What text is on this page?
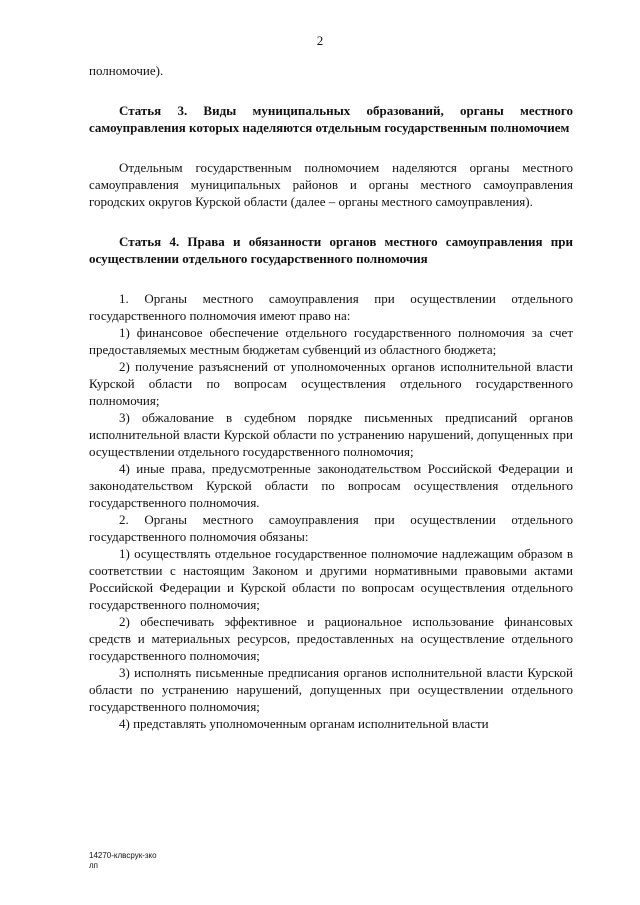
2

полномочие).

Статья 3. Виды муниципальных образований, органы местного самоуправления которых наделяются отдельным государственным полномочием

Отдельным государственным полномочием наделяются органы местного самоуправления муниципальных районов и органы местного самоуправления городских округов Курской области (далее – органы местного самоуправления).

Статья 4. Права и обязанности органов местного самоуправления при осуществлении отдельного государственного полномочия

1. Органы местного самоуправления при осуществлении отдельного государственного полномочия имеют право на:

1) финансовое обеспечение отдельного государственного полномочия за счет предоставляемых местным бюджетам субвенций из областного бюджета;

2) получение разъяснений от уполномоченных органов исполнительной власти Курской области по вопросам осуществления отдельного государственного полномочия;

3) обжалование в судебном порядке письменных предписаний органов исполнительной власти Курской области по устранению нарушений, допущенных при осуществлении отдельного государственного полномочия;

4) иные права, предусмотренные законодательством Российской Федерации и законодательством Курской области по вопросам осуществления отдельного государственного полномочия.

2. Органы местного самоуправления при осуществлении отдельного государственного полномочия обязаны:

1) осуществлять отдельное государственное полномочие надлежащим образом в соответствии с настоящим Законом и другими нормативными правовыми актами Российской Федерации и Курской области по вопросам осуществления отдельного государственного полномочия;

2) обеспечивать эффективное и рациональное использование финансовых средств и материальных ресурсов, предоставленных на осуществление отдельного государственного полномочия;

3) исполнять письменные предписания органов исполнительной власти Курской области по устранению нарушений, допущенных при осуществлении отдельного государственного полномочия;

4) представлять уполномоченным органам исполнительной власти

14270-клвсрук-зко
лп
